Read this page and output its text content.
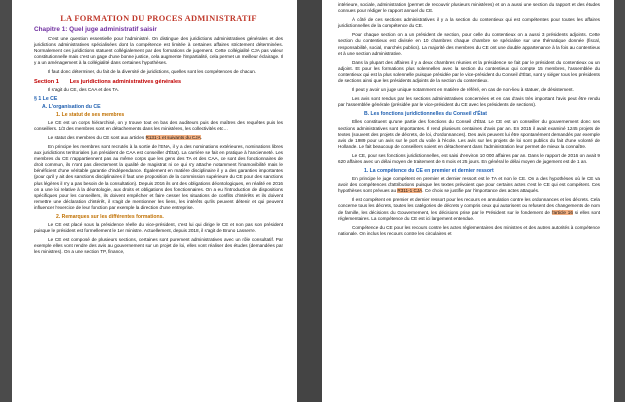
LA FORMATION DU PROCES ADMINISTRATIF
Chapitre 1: Quel juge administratif saisir

C'est une question essentielle pour l'administré. On distingue des juridictions administratives générales et des juridictions administratives spécialisées dont la compétence est limitée à certaines affaires strictement déterminées. Normalement ces juridictions statuent collégialement par des formations de jugement. Cette collégialité CJA pas valeur constitutionnelle mais c'est un gage d'une bonne justice, cela augmente l'impartialité, cela permet un meilleur éclairage. Il y a un aménagement à la collégialité dans certaines hypothèses.

Il faut donc déterminer, du fait de la diversité de juridictions, quelles sont les compétences de chacun.

Section 1 Les juridictions administratives générales

Il s'agit du CE, des CAA et des TA.

§ 1 Le CE
A. L'organisation du CE
1. Le statut de ses membres

Le CE est un corps hiérarchisé, on y trouve tout en bas des auditeurs puis des maîtres des requêtes puis les conseillers. 1/3 des membres sont en détachements dans les ministères, les collectivités etc…

Le statut des membres du CE sont aux articles R131-1 et suivants du CJA.

En principe les membres sont recrutés à la sortie de l'ENA, il y a des nominations extérieures, nominations libres aux juridictions territoriales (un président de CAA est conseiller d'État). La carrière se fait en pratique à l'ancienneté. Les membres du CE n'appartiennent pas au même corps que les gens des TA et des CAA, ce sont des fonctionnaires de droit commun, ils n'ont pas directement la qualité de magistrat ni ce qui s'y attache notamment l'inamovibilité mais le bénéficient d'une véritable garantie d'indépendance. Également en matière disciplinaire il y a des garanties importantes (pour qu'il y ait des sanctions disciplinaires il faut une proposition de la commission supérieure du CE pour des sanctions plus légères il n'y a pas besoin de la consultation). Depuis 2016 ils ont des obligations déontologiques, en réalité en 2016 on a une loi relative à la déontologie, aux droits et obligations des fonctionnaires. On a eu l'introduction de dispositions spécifiques pour les conseillers, ils doivent empêcher et faire cesser les situations de conflits d'intérêts et ils doivent remettre une déclaration d'intérêt, il s'agit de mentionner les liens, les intérêts qu'ils peuvent détenir et qui peuvent influencer l'exercice de leur fonction par exemple la direction d'une entreprise.

2. Remarques sur les différentes formations.

Le CE est placé sous la présidence réelle du vice-président, c'est lui qui dirige le CE et non pas son président puisque le président est formellement le 1er ministre. Actuellement, depuis 2018, il s'agit de Bruno Lasserre.

Le CE est composé de plusieurs sections, certaines sont purement administratives avec un rôle consultatif. Par exemple elles vont rendre des avis au gouvernement sur un projet de loi, elles vont réaliser des études (demandées par les ministres). On a une section TP, finance,

intérieure, sociale, administration (permet de recouvrir plusieurs ministères) et on a aussi une section du rapport et des études connues pour rédiger le rapport annuel du CE.

À côté de ces sections administratives il y a la section du contentieux qui est compétentes pour toutes les affaires juridictionnelles de la compétence du CE.

Pour chaque section on a un président de section, pour celle du contentieux on a aussi 3 présidents adjoints. Cette section du contentieux est divisée en 10 chambres chaque chambre se spécialise sur une thématique donnée (fiscal, responsabilité, social, marchés publics). La majorité des membres du CE ont une double appartenance à la fois au contentieux et à une section administrative.

Dans la plupart des affaires il y a deux chambres réunies et la présidence se fait par le président du contentieux ou un adjoint. Et pour les formations plus solennelles avec la section du contentieux qui compte 15 membres, l'assemblée du contentieux qui est la plus solennelle puisque présidée par le vice-président du Conseil d'État, sont y siéger tous les présidents de sections ainsi que les présidents adjoints de la section du contentieux.

Il peut y avoir un juge unique notamment en matière de référé, en cas de non-lieu à statuer, de désistement.

Les avis sont rendus par les sections administratives concernées et en cas d'avis très important l'avis peut être rendu par l'assemblée générale (présidée par le vice-président du CE avec les présidents de sections).

B. Les fonctions juridictionnelles du Conseil d'État

Elles constituent qu'une partie des fonctions du Conseil d'État. Le CE est un conseiller du gouvernement donc ses sections administratives sont importantes. Il rend plusieurs centaines d'avis par an. En 2015 il avait examiné 1245 projets de textes (souvent des projets de décrets, de loi, d'ordonnances). Des avis peuvent lui être spontanément demandés par exemple avis de 1989 pour un avis sur le port du voile à l'école. Les avis sur les projets de loi sont publics du fait d'une volonté de Hollande. Le fait beaucoup de conseillers soient en détachement dans l'administration leur permet de mieux la connaître.

Le CE, pour ses fonctions juridictionnelles, est saisi d'environ 10 000 affaires par an. Dans le rapport de 2016 on avait 9 620 affaires avec un délai moyen de traitement de 6 mois et 25 jours. En général le délai moyen de jugement est de 1 an.

1. La compétence du CE en premier et dernier ressort

En principe le juge compétent en premier et dernier ressort est le TA et non le CE. On a des hypothèses où le CE va avoir des compétences d'attributions puisque les textes prévoient que pour certains actes c'est le CE qui est compétent. Ces hypothèses sont prévues au R311-1 CJA. Ce choix se justifie par l'importance des actes attaqués.

Il est compétent en premier et dernier ressort pour les recours en annulation contre les ordonnances et les décrets. Cela concerne tous les décrets, toutes les catégories de décrets y compris ceux qui autorisent ou refusent des changements de nom de famille, les décisions du Gouvernement, les décisions prise par le Président sur le fondement de l'article 16 si elles sont réglementaires. La compétence du CE est ici largement entendue.

Compétence du CE pour les recours contre les actes réglementaires des ministres et des autres autorités à compétence nationale. On inclus les recours contre les circulaires et
